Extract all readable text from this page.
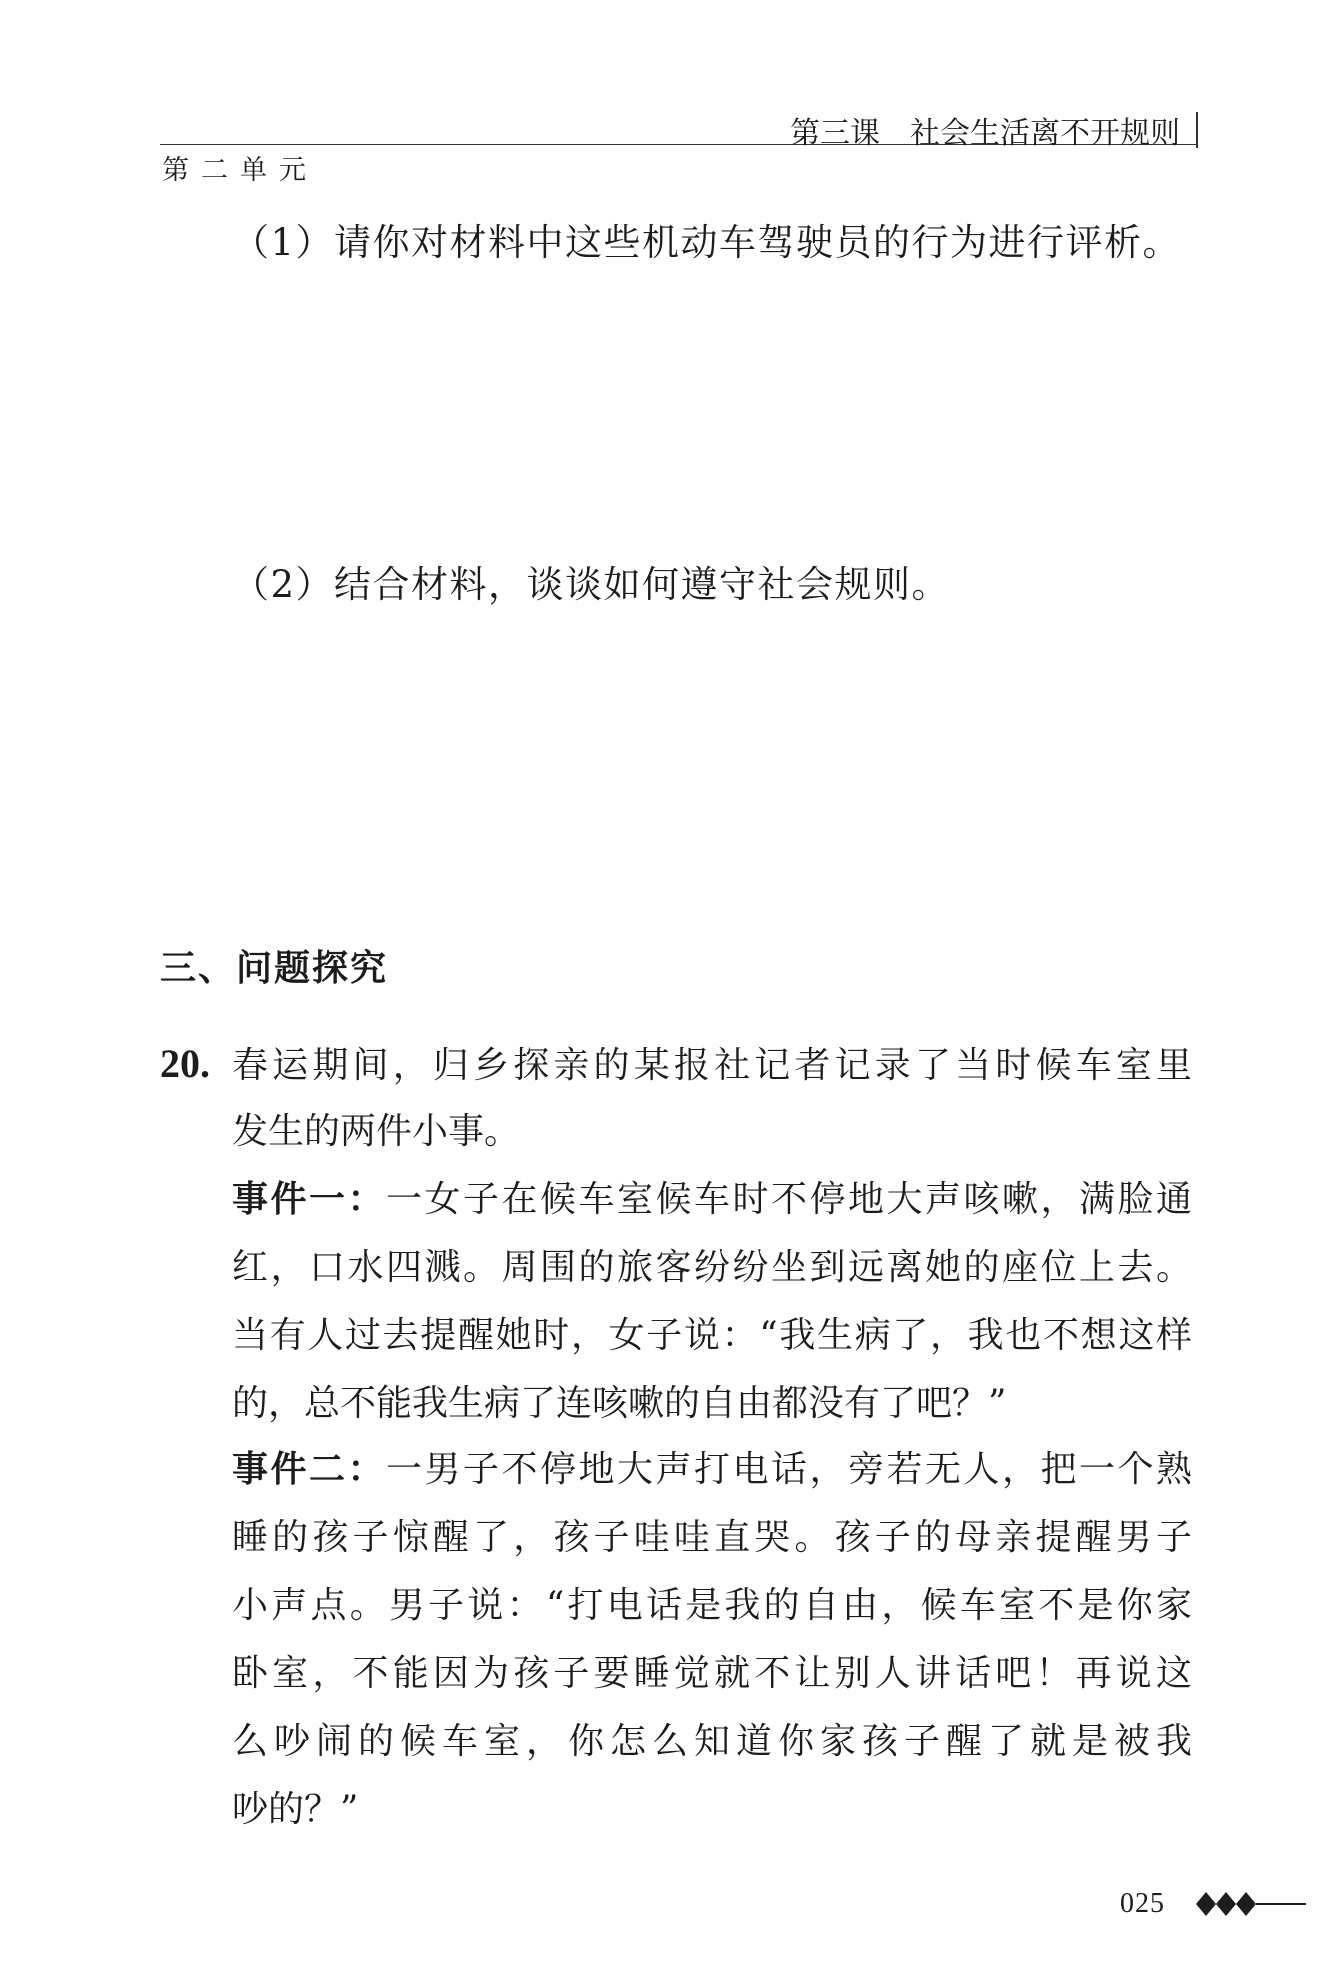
第三课　社会生活离不开规则
第二单元
（1）请你对材料中这些机动车驾驶员的行为进行评析。
（2）结合材料，谈谈如何遵守社会规则。
三、问题探究
20. 春运期间，归乡探亲的某报社记者记录了当时候车室里
发生的两件小事。
事件一：一女子在候车室候车时不停地大声咳嗽，满脸通
红，口水四溅。周围的旅客纷纷坐到远离她的座位上去。
当有人过去提醒她时，女子说：“我生病了，我也不想这样
的，总不能我生病了连咳嗽的自由都没有了吧？”
事件二：一男子不停地大声打电话，旁若无人，把一个熟
睡的孩子惊醒了，孩子哇哇直哭。孩子的母亲提醒男子
小声点。男子说：“打电话是我的自由，候车室不是你家
卧室，不能因为孩子要睡觉就不让别人讲话吧！再说这
么吵闹的候车室，你怎么知道你家孩子醒了就是被我
吵的？”
025
